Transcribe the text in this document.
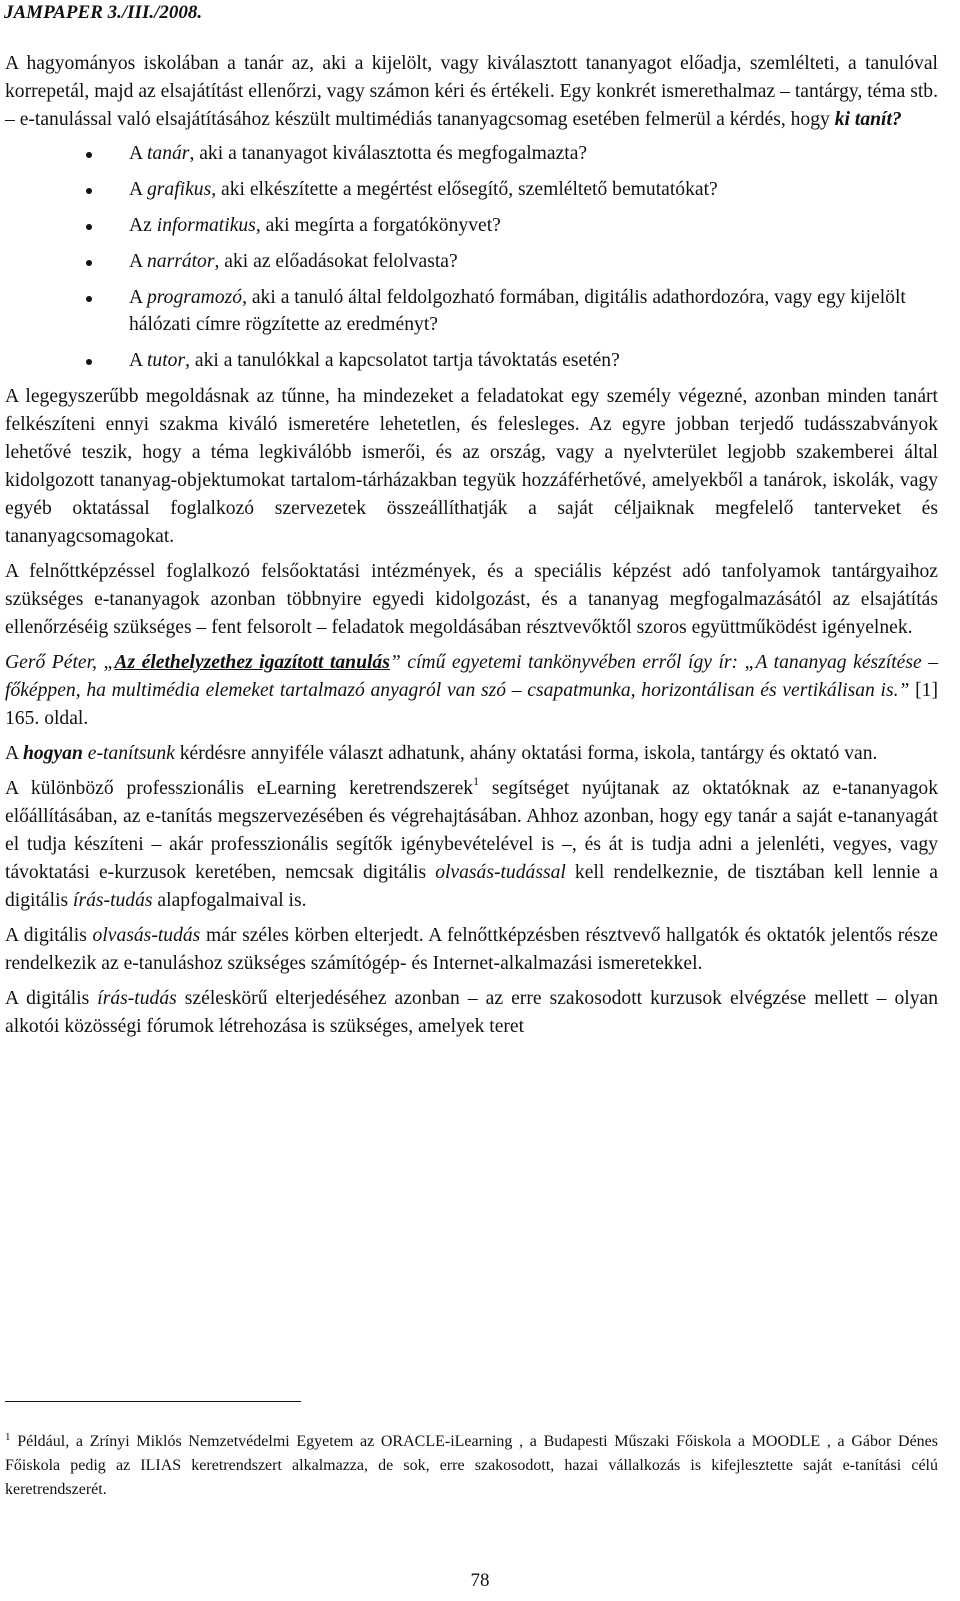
JAMPAPER 3./III./2008.

A hagyományos iskolában a tanár az, aki a kijelölt, vagy kiválasztott tananyagot előadja, szemlélteti, a tanulóval korrepetál, majd az elsajátítást ellenőrzi, vagy számon kéri és értékeli. Egy konkrét ismerethalmaz – tantárgy, téma stb. – e-tanulással való elsajátításához készült multimédiás tananyagcsomag esetében felmerül a kérdés, hogy ki tanít?

A tanár, aki a tananyagot kiválasztotta és megfogalmazta?
A grafikus, aki elkészítette a megértést elősegítő, szemléltető bemutatókat?
Az informatikus, aki megírta a forgatókönyvet?
A narrátor, aki az előadásokat felolvasta?
A programozó, aki a tanuló által feldolgozható formában, digitális adathordozóra, vagy egy kijelölt hálózati címre rögzítette az eredményt?
A tutor, aki a tanulókkal a kapcsolatot tartja távoktatás esetén?

A legegyszerűbb megoldásnak az tűnne, ha mindezeket a feladatokat egy személy végezné, azonban minden tanárt felkészíteni ennyi szakma kiváló ismeretére lehetetlen, és felesleges. Az egyre jobban terjedő tudásszabványok lehetővé teszik, hogy a téma legkiválóbb ismerői, és az ország, vagy a nyelvterület legjobb szakemberei által kidolgozott tananyag-objektumokat tartalom-tárházakban tegyük hozzáférhetővé, amelyekből a tanárok, iskolák, vagy egyéb oktatással foglalkozó szervezetek összeállíthatják a saját céljaiknak megfelelő tanterveket és tananyagcsomagokat.

A felnőttképzéssel foglalkozó felsőoktatási intézmények, és a speciális képzést adó tanfolyamok tantárgyaihoz szükséges e-tananyagok azonban többnyire egyedi kidolgozást, és a tananyag megfogalmazásától az elsajátítás ellenőrzéséig szükséges – fent felsorolt – feladatok megoldásában résztvevőktől szoros együttműködést igényelnek.

Gerő Péter, „Az élethelyzethez igazított tanulás” című egyetemi tankönyvében erről így ír: „A tananyag készítése – főképpen, ha multimédia elemeket tartalmazó anyagról van szó – csapatmunka, horizontálisan és vertikálisan is.” [1] 165. oldal.

A hogyan e-tanítsunk kérdésre annyiféle választ adhatunk, ahány oktatási forma, iskola, tantárgy és oktató van.

A különböző professzionális eLearning keretrendszerek$^1$ segítséget nyújtanak az oktatóknak az e-tananyagok előállításában, az e-tanítás megszervezésében és végrehajtásában. Ahhoz azonban, hogy egy tanár a saját e-tananyagát el tudja készíteni – akár professzionális segítők igénybevételével is –, és át is tudja adni a jelenléti, vegyes, vagy távoktatási e-kurzusok keretében, nemcsak digitális olvasás-tudással kell rendelkeznie, de tisztában kell lennie a digitális írás-tudás alapfogalmaival is.

A digitális olvasás-tudás már széles körben elterjedt. A felnőttképzésben résztvevő hallgatók és oktatók jelentős része rendelkezik az e-tanuláshoz szükséges számítógép- és Internet-alkalmazási ismeretekkel.

A digitális írás-tudás széleskörű elterjedéséhez azonban – az erre szakosodott kurzusok elvégzése mellett – olyan alkotói közösségi fórumok létrehozása is szükséges, amelyek teret

$^1$ Például, a Zrínyi Miklós Nemzetvédelmi Egyetem az ORACLE-iLearning , a Budapesti Műszaki Főiskola a MOODLE , a Gábor Dénes Főiskola pedig az ILIAS keretrendszert alkalmazza, de sok, erre szakosodott, hazai vállalkozás is kifejlesztette saját e-tanítási célú keretrendszerét.
78
